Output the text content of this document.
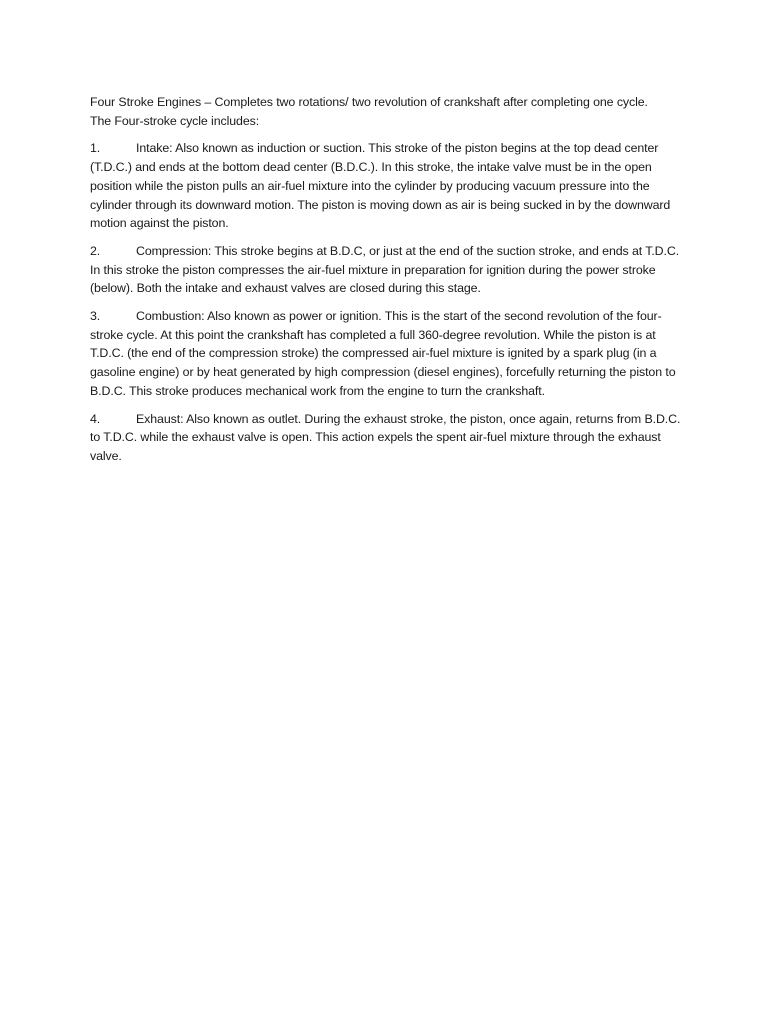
Four Stroke Engines – Completes two rotations/ two revolution of crankshaft after completing one cycle.
The Four-stroke cycle includes:

1.	Intake: Also known as induction or suction. This stroke of the piston begins at the top dead center (T.D.C.) and ends at the bottom dead center (B.D.C.). In this stroke, the intake valve must be in the open position while the piston pulls an air-fuel mixture into the cylinder by producing vacuum pressure into the cylinder through its downward motion. The piston is moving down as air is being sucked in by the downward motion against the piston.

2.	Compression: This stroke begins at B.D.C, or just at the end of the suction stroke, and ends at T.D.C. In this stroke the piston compresses the air-fuel mixture in preparation for ignition during the power stroke (below). Both the intake and exhaust valves are closed during this stage.

3.	Combustion: Also known as power or ignition. This is the start of the second revolution of the four-stroke cycle. At this point the crankshaft has completed a full 360-degree revolution. While the piston is at T.D.C. (the end of the compression stroke) the compressed air-fuel mixture is ignited by a spark plug (in a gasoline engine) or by heat generated by high compression (diesel engines), forcefully returning the piston to B.D.C. This stroke produces mechanical work from the engine to turn the crankshaft.

4.	Exhaust: Also known as outlet. During the exhaust stroke, the piston, once again, returns from B.D.C. to T.D.C. while the exhaust valve is open. This action expels the spent air-fuel mixture through the exhaust valve.
